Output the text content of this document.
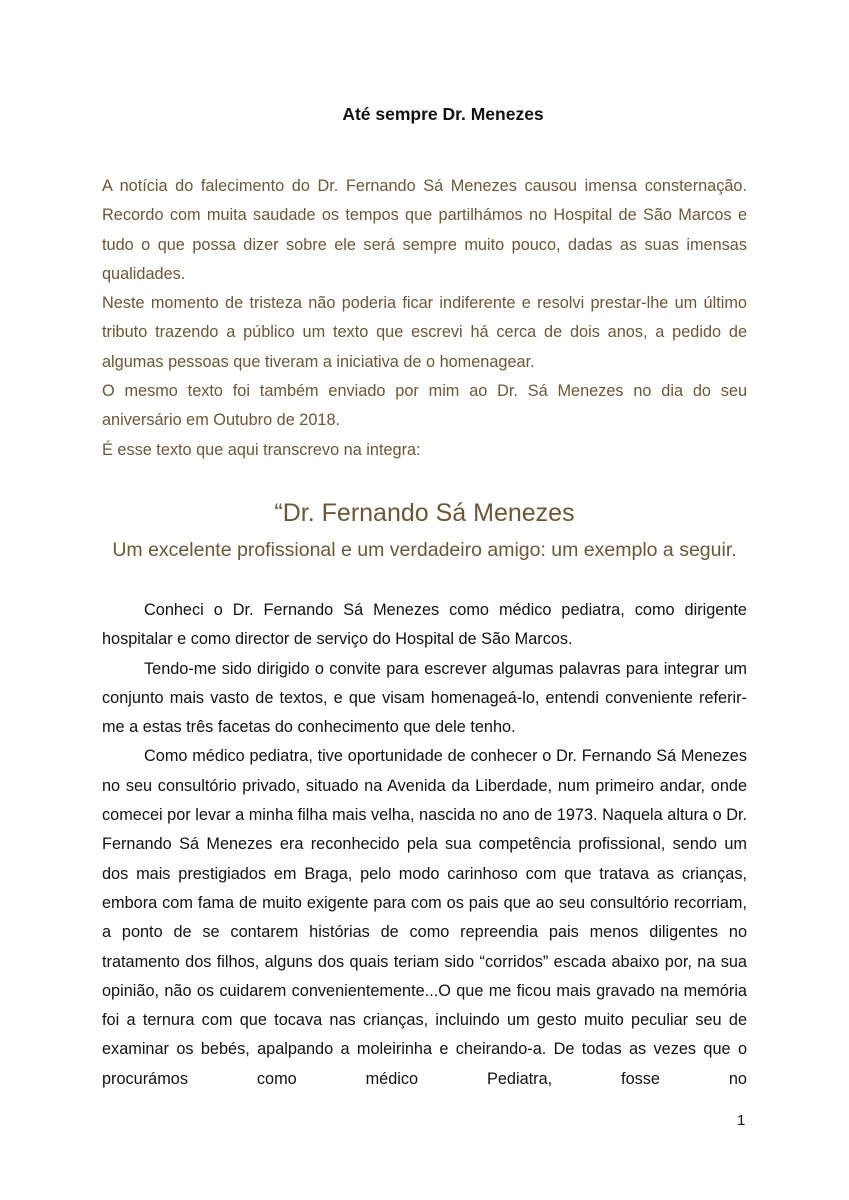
Até sempre Dr. Menezes

A notícia do falecimento do Dr. Fernando Sá Menezes causou imensa consternação. Recordo com muita saudade os tempos que partilhámos no Hospital de São Marcos e tudo o que possa dizer sobre ele será sempre muito pouco, dadas as suas imensas qualidades.

Neste momento de tristeza não poderia ficar indiferente e resolvi prestar-lhe um último tributo trazendo a público um texto que escrevi há cerca de dois anos, a pedido de algumas pessoas que tiveram a iniciativa de o homenagear.

O mesmo texto foi também enviado por mim ao Dr. Sá Menezes no dia do seu aniversário em Outubro de 2018.

É esse texto que aqui transcrevo na integra:

“Dr. Fernando Sá Menezes
Um excelente profissional e um verdadeiro amigo: um exemplo a seguir.

Conheci o Dr. Fernando Sá Menezes como médico pediatra, como dirigente hospitalar e como director de serviço do Hospital de São Marcos.

Tendo-me sido dirigido o convite para escrever algumas palavras para integrar um conjunto mais vasto de textos, e que visam homenageá-lo, entendi conveniente referir-me a estas três facetas do conhecimento que dele tenho.

Como médico pediatra, tive oportunidade de conhecer o Dr. Fernando Sá Menezes no seu consultório privado, situado na Avenida da Liberdade, num primeiro andar, onde comecei por levar a minha filha mais velha, nascida no ano de 1973. Naquela altura o Dr. Fernando Sá Menezes era reconhecido pela sua competência profissional, sendo um dos mais prestigiados em Braga, pelo modo carinhoso com que tratava as crianças, embora com fama de muito exigente para com os pais que ao seu consultório recorriam, a ponto de se contarem histórias de como repreendia pais menos diligentes no tratamento dos filhos, alguns dos quais teriam sido “corridos” escada abaixo por, na sua opinião, não os cuidarem convenientemente...O que me ficou mais gravado na memória foi a ternura com que tocava nas crianças, incluindo um gesto muito peculiar seu de examinar os bebés, apalpando a moleirinha e cheirando-a. De todas as vezes que o procurámos como médico Pediatra, fosse no

1
